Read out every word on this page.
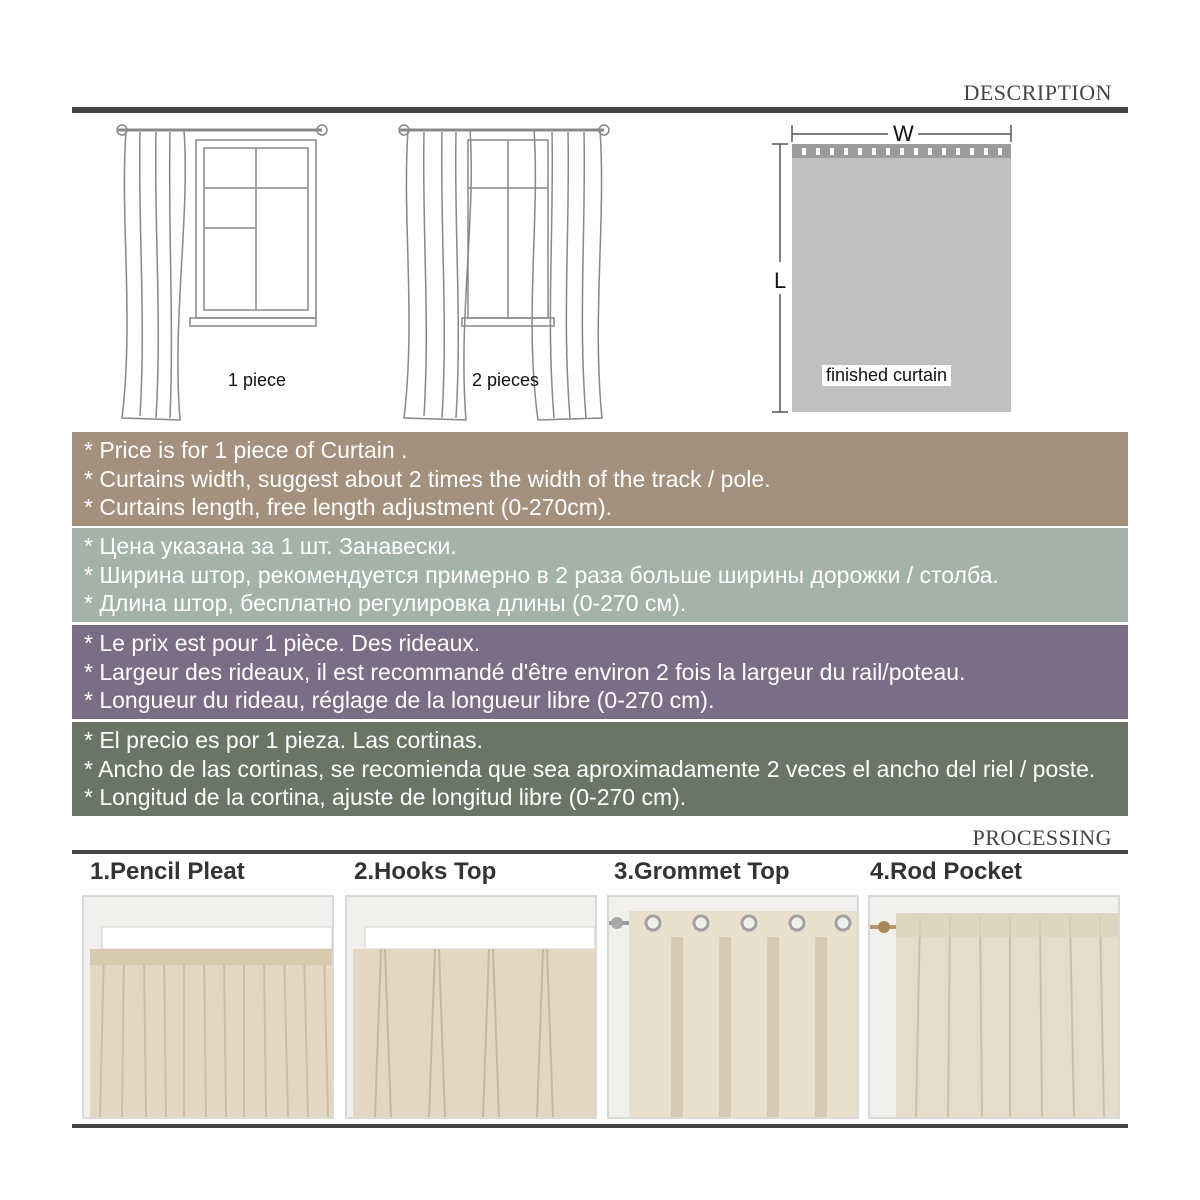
DESCRIPTION
1 piece	2 pieces
W
L
finished curtain
* Price is for 1 piece of Curtain .
* Curtains width, suggest about 2 times the width of the track / pole.
* Curtains length, free length adjustment (0-270cm).
* Цена указана за 1 шт. Занавески.
* Ширина штор, рекомендуется примерно в 2 раза больше ширины дорожки / столба.
* Длина штор, бесплатно регулировка длины (0-270 см).
* Le prix est pour 1 pièce. Des rideaux.
* Largeur des rideaux, il est recommandé d'être environ 2 fois la largeur du rail/poteau.
* Longueur du rideau, réglage de la longueur libre (0-270 cm).
* El precio es por 1 pieza. Las cortinas.
* Ancho de las cortinas, se recomienda que sea aproximadamente 2 veces el ancho del riel / poste.
* Longitud de la cortina, ajuste de longitud libre (0-270 cm).
PROCESSING
1.Pencil Pleat	2.Hooks Top	3.Grommet Top	4.Rod Pocket
